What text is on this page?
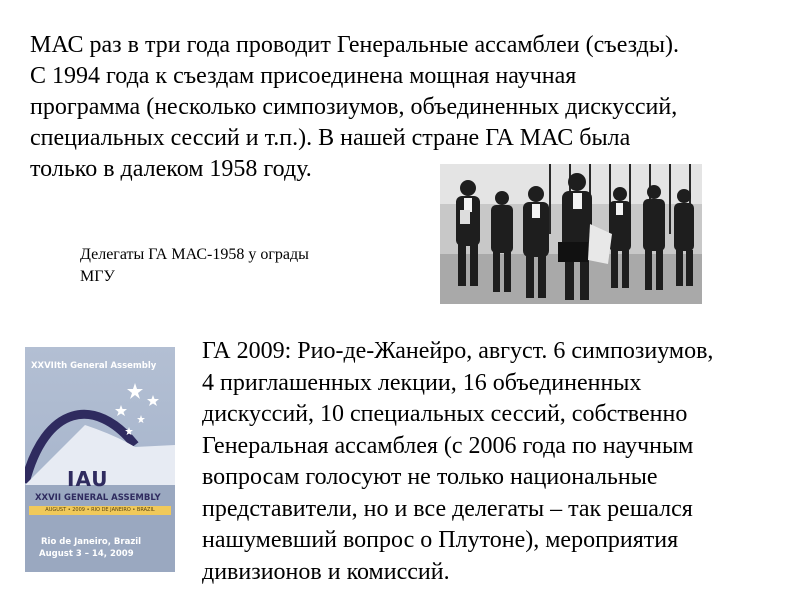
МАС раз в три года проводит Генеральные ассамблеи (съезды).
С 1994 года к съездам присоединена мощная научная
программа (несколько симпозиумов, объединенных дискуссий,
специальных сессий и т.п.). В нашей стране ГА МАС была
только в далеком 1958 году.
Делегаты ГА МАС-1958 у ограды
МГУ
XXVIIth General Assembly
IAU
XXVII GENERAL ASSEMBLY
AUGUST • 2009 • RIO DE JANEIRO • BRAZIL
Rio de Janeiro, Brazil
August 3 – 14, 2009
ГА 2009: Рио-де-Жанейро, август. 6 симпозиумов,
4 приглашенных лекции, 16 объединенных
дискуссий, 10 специальных сессий, собственно
Генеральная ассамблея (с 2006 года по научным
вопросам голосуют не только национальные
представители, но и все делегаты – так решался
нашумевший вопрос о Плутоне), мероприятия
дивизионов и комиссий.
